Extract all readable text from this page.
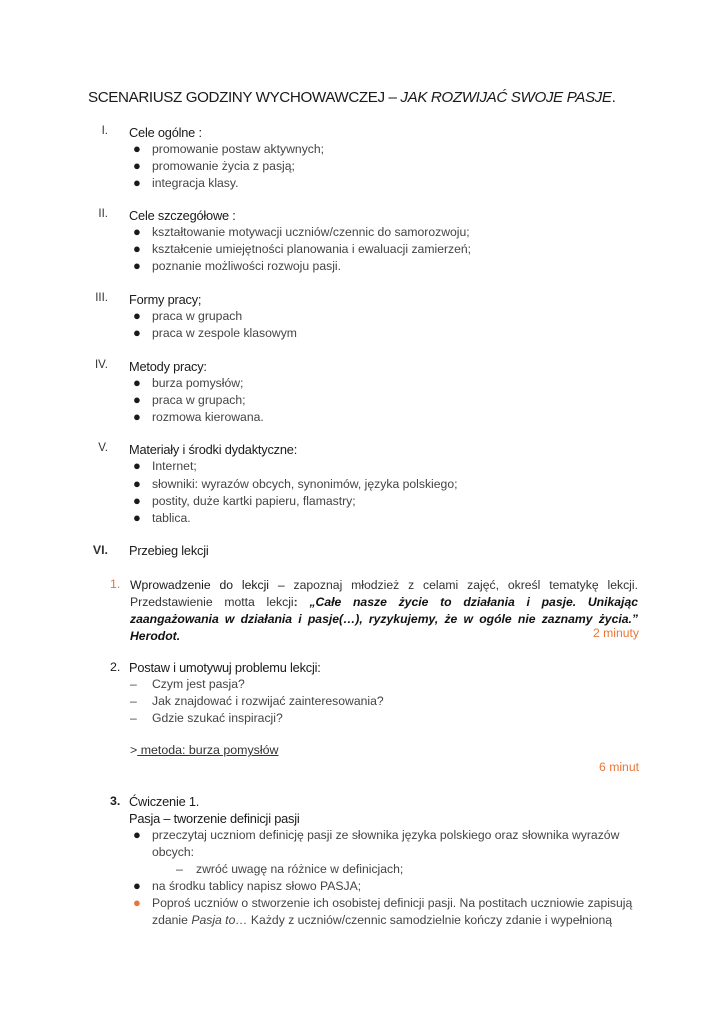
SCENARIUSZ GODZINY WYCHOWAWCZEJ – JAK ROZWIJAĆ SWOJE PASJE.
I. Cele ogólne :
● promowanie postaw aktywnych;
● promowanie życia z pasją;
● integracja klasy.
II. Cele szczegółowe :
● kształtowanie motywacji uczniów/czennic do samorozwoju;
● kształcenie umiejętności planowania i ewaluacji zamierzeń;
● poznanie możliwości rozwoju pasji.
III. Formy pracy;
● praca w grupach
● praca w zespole klasowym
IV. Metody pracy:
● burza pomysłów;
● praca w grupach;
● rozmowa kierowana.
V. Materiały i środki dydaktyczne:
● Internet;
● słowniki: wyrazów obcych, synonimów, języka polskiego;
● postity, duże kartki papieru, flamastry;
● tablica.
VI. Przebieg lekcji
1. Wprowadzenie do lekcji – zapoznaj młodzież z celami zajęć, określ tematykę lekcji. Przedstawienie motta lekcji: „Całe nasze życie to działania i pasje. Unikając zaangażowania w działania i pasje(…), ryzykujemy, że w ogóle nie zaznamy życia.” Herodot.	2 minuty
2. Postaw i umotywuj problemu lekcji:
– Czym jest pasja?
– Jak znajdować i rozwijać zainteresowania?
– Gdzie szukać inspiracji?
> metoda: burza pomysłów
6 minut
3. Ćwiczenie 1.
Pasja – tworzenie definicji pasji
● przeczytaj uczniom definicję pasji ze słownika języka polskiego oraz słownika wyrazów
obcych:
– zwróć uwagę na różnice w definicjach;
● na środku tablicy napisz słowo PASJA;
● Poproś uczniów o stworzenie ich osobistej definicji pasji. Na postitach uczniowie zapisują
zdanie Pasja to… Każdy z uczniów/czennic samodzielnie kończy zdanie i wypełnioną
